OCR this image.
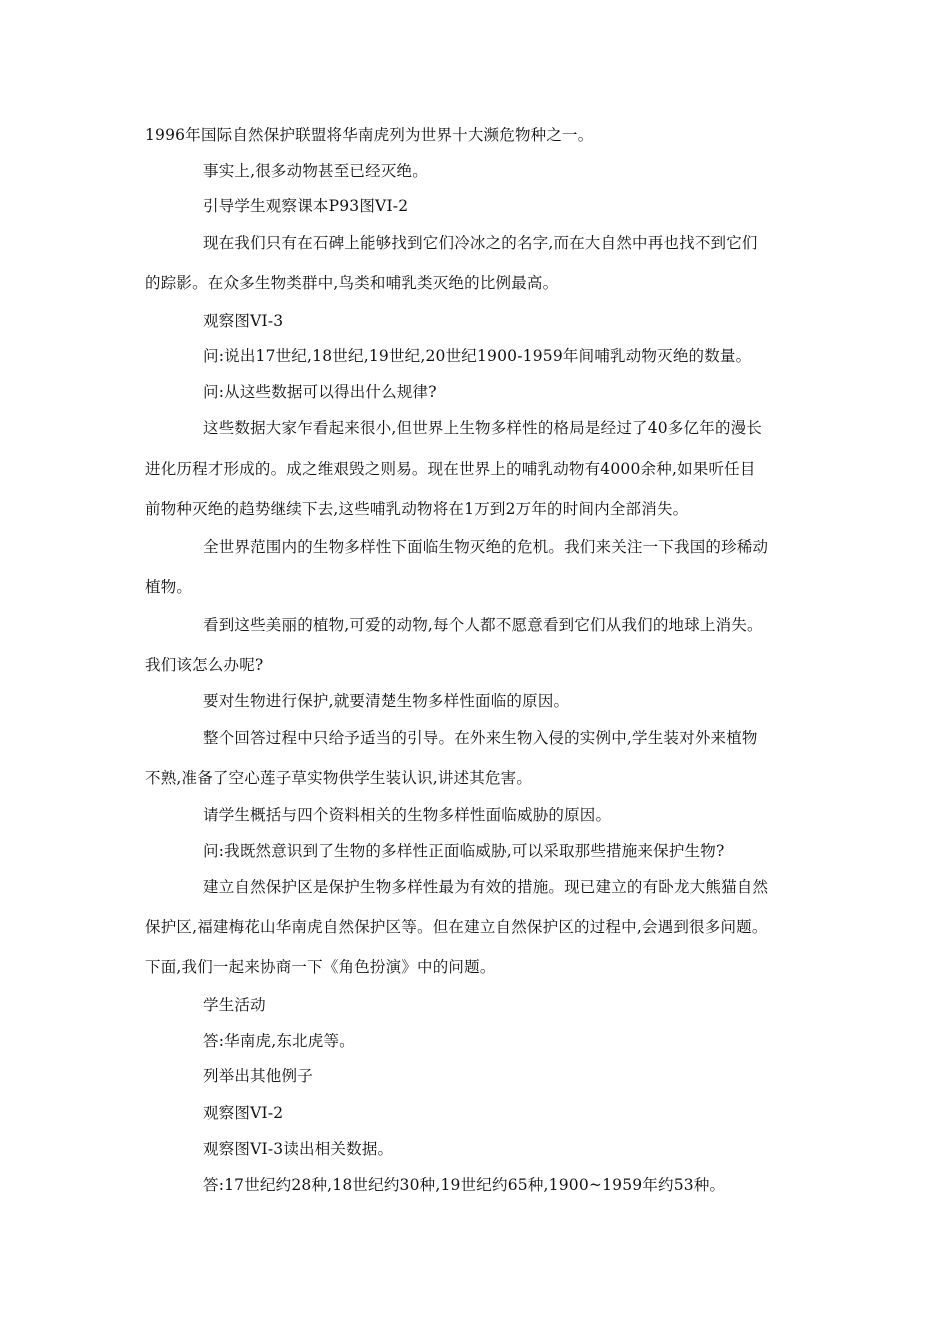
1996年国际自然保护联盟将华南虎列为世界十大濒危物种之一。
事实上,很多动物甚至已经灭绝。
引导学生观察课本P93图VI-2
现在我们只有在石碑上能够找到它们冷冰之的名字,而在大自然中再也找不到它们
的踪影。在众多生物类群中,鸟类和哺乳类灭绝的比例最高。
观察图VI-3
问:说出17世纪,18世纪,19世纪,20世纪1900-1959年间哺乳动物灭绝的数量。
问:从这些数据可以得出什么规律?
这些数据大家乍看起来很小,但世界上生物多样性的格局是经过了40多亿年的漫长
进化历程才形成的。成之维艰毁之则易。现在世界上的哺乳动物有4000余种,如果听任目
前物种灭绝的趋势继续下去,这些哺乳动物将在1万到2万年的时间内全部消失。
全世界范围内的生物多样性下面临生物灭绝的危机。我们来关注一下我国的珍稀动
植物。
看到这些美丽的植物,可爱的动物,每个人都不愿意看到它们从我们的地球上消失。
我们该怎么办呢?
要对生物进行保护,就要清楚生物多样性面临的原因。
整个回答过程中只给予适当的引导。在外来生物入侵的实例中,学生装对外来植物
不熟,准备了空心莲子草实物供学生装认识,讲述其危害。
请学生概括与四个资料相关的生物多样性面临威胁的原因。
问:我既然意识到了生物的多样性正面临威胁,可以采取那些措施来保护生物?
建立自然保护区是保护生物多样性最为有效的措施。现已建立的有卧龙大熊猫自然
保护区,福建梅花山华南虎自然保护区等。但在建立自然保护区的过程中,会遇到很多问题。
下面,我们一起来协商一下《角色扮演》中的问题。
学生活动
答:华南虎,东北虎等。
列举出其他例子
观察图VI-2
观察图VI-3读出相关数据。
答:17世纪约28种,18世纪约30种,19世纪约65种,1900~1959年约53种。
